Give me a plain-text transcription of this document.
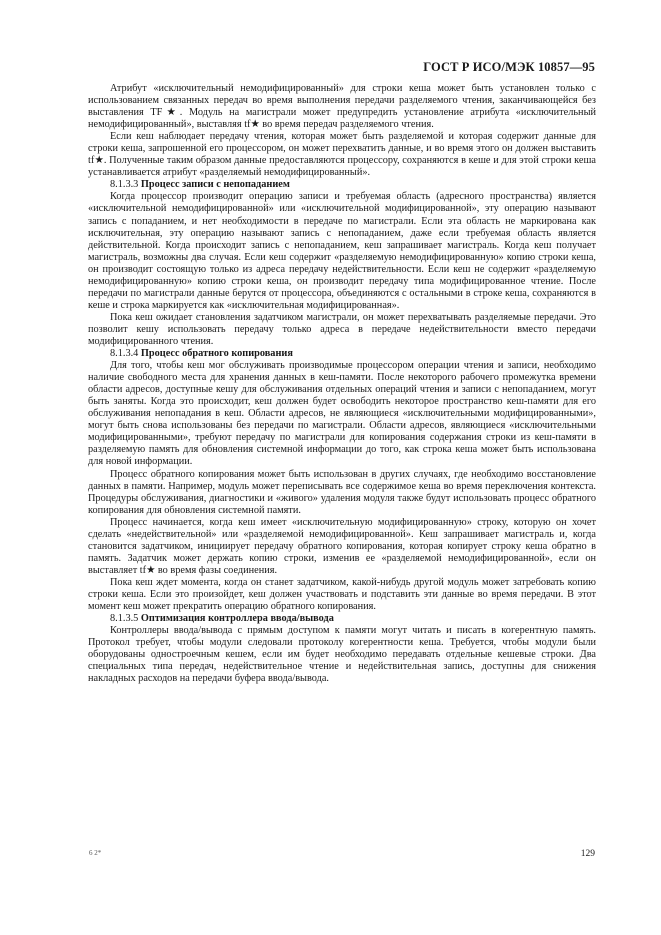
ГОСТ Р ИСО/МЭК 10857—95

Атрибут «исключительный немодифицированный» для строки кеша может быть установлен только с использованием связанных передач во время выполнения передачи разделяемого чтения, заканчивающейся без выставления TF★. Модуль на магистрали может предупредить установление атрибута «исключительный немодифицированный», выставляя tf★ во время передач разделяемого чтения.

Если кеш наблюдает передачу чтения, которая может быть разделяемой и которая содержит данные для строки кеша, запрошенной его процессором, он может перехватить данные, и во время этого он должен выставить tf★. Полученные таким образом данные предоставляются процессору, сохраняются в кеше и для этой строки кеша устанавливается атрибут «разделяемый немодифицированный».

8.1.3.3 Процесс записи с непопаданием

Когда процессор производит операцию записи и требуемая область (адресного пространства) является «исключительной немодифицированной» или «исключительной модифицированной», эту операцию называют запись с попаданием, и нет необходимости в передаче по магистрали. Если эта область не маркирована как исключительная, эту операцию называют запись с непопаданием, даже если требуемая область является действительной. Когда происходит запись с непопаданием, кеш запрашивает магистраль. Когда кеш получает магистраль, возможны два случая. Если кеш содержит «разделяемую немодифицированную» копию строки кеша, он производит состоящую только из адреса передачу недействительности. Если кеш не содержит «разделяемую немодифицированную» копию строки кеша, он производит передачу типа модифицированное чтение. После передачи по магистрали данные берутся от процессора, объединяются с остальными в строке кеша, сохраняются в кеше и строка маркируется как «исключительная модифицированная».

Пока кеш ожидает становления задатчиком магистрали, он может перехватывать разделяемые передачи. Это позволит кешу использовать передачу только адреса в передаче недействительности вместо передачи модифицированного чтения.

8.1.3.4 Процесс обратного копирования

Для того, чтобы кеш мог обслуживать производимые процессором операции чтения и записи, необходимо наличие свободного места для хранения данных в кеш-памяти. После некоторого рабочего промежутка времени области адресов, доступные кешу для обслуживания отдельных операций чтения и записи с непопаданием, могут быть заняты. Когда это происходит, кеш должен будет освободить некоторое пространство кеш-памяти для его обслуживания непопадания в кеш. Области адресов, не являющиеся «исключительными модифицированными», могут быть снова использованы без передачи по магистрали. Области адресов, являющиеся «исключительными модифицированными», требуют передачу по магистрали для копирования содержания строки из кеш-памяти в разделяемую память для обновления системной информации до того, как строка кеша может быть использована для новой информации.

Процесс обратного копирования может быть использован в других случаях, где необходимо восстановление данных в памяти. Например, модуль может переписывать все содержимое кеша во время переключения контекста. Процедуры обслуживания, диагностики и «живого» удаления модуля также будут использовать процесс обратного копирования для обновления системной памяти.

Процесс начинается, когда кеш имеет «исключительную модифицированную» строку, которую он хочет сделать «недействительной» или «разделяемой немодифицированной». Кеш запрашивает магистраль и, когда становится задатчиком, инициирует передачу обратного копирования, которая копирует строку кеша обратно в память. Задатчик может держать копию строки, изменив ее «разделяемой немодифицированной», если он выставляет tf★ во время фазы соединения.

Пока кеш ждет момента, когда он станет задатчиком, какой-нибудь другой модуль может затребовать копию строки кеша. Если это произойдет, кеш должен участвовать и подставить эти данные во время передачи. В этот момент кеш может прекратить операцию обратного копирования.

8.1.3.5 Оптимизация контроллера ввода/вывода

Контроллеры ввода/вывода с прямым доступом к памяти могут читать и писать в когерентную память. Протокол требует, чтобы модули следовали протоколу когерентности кеша. Требуется, чтобы модули были оборудованы одностроечным кешем, если им будет необходимо передавать отдельные кешевые строки. Два специальных типа передач, недействительное чтение и недействительная запись, доступны для снижения накладных расходов на передачи буфера ввода/вывода.

6 2*	129
